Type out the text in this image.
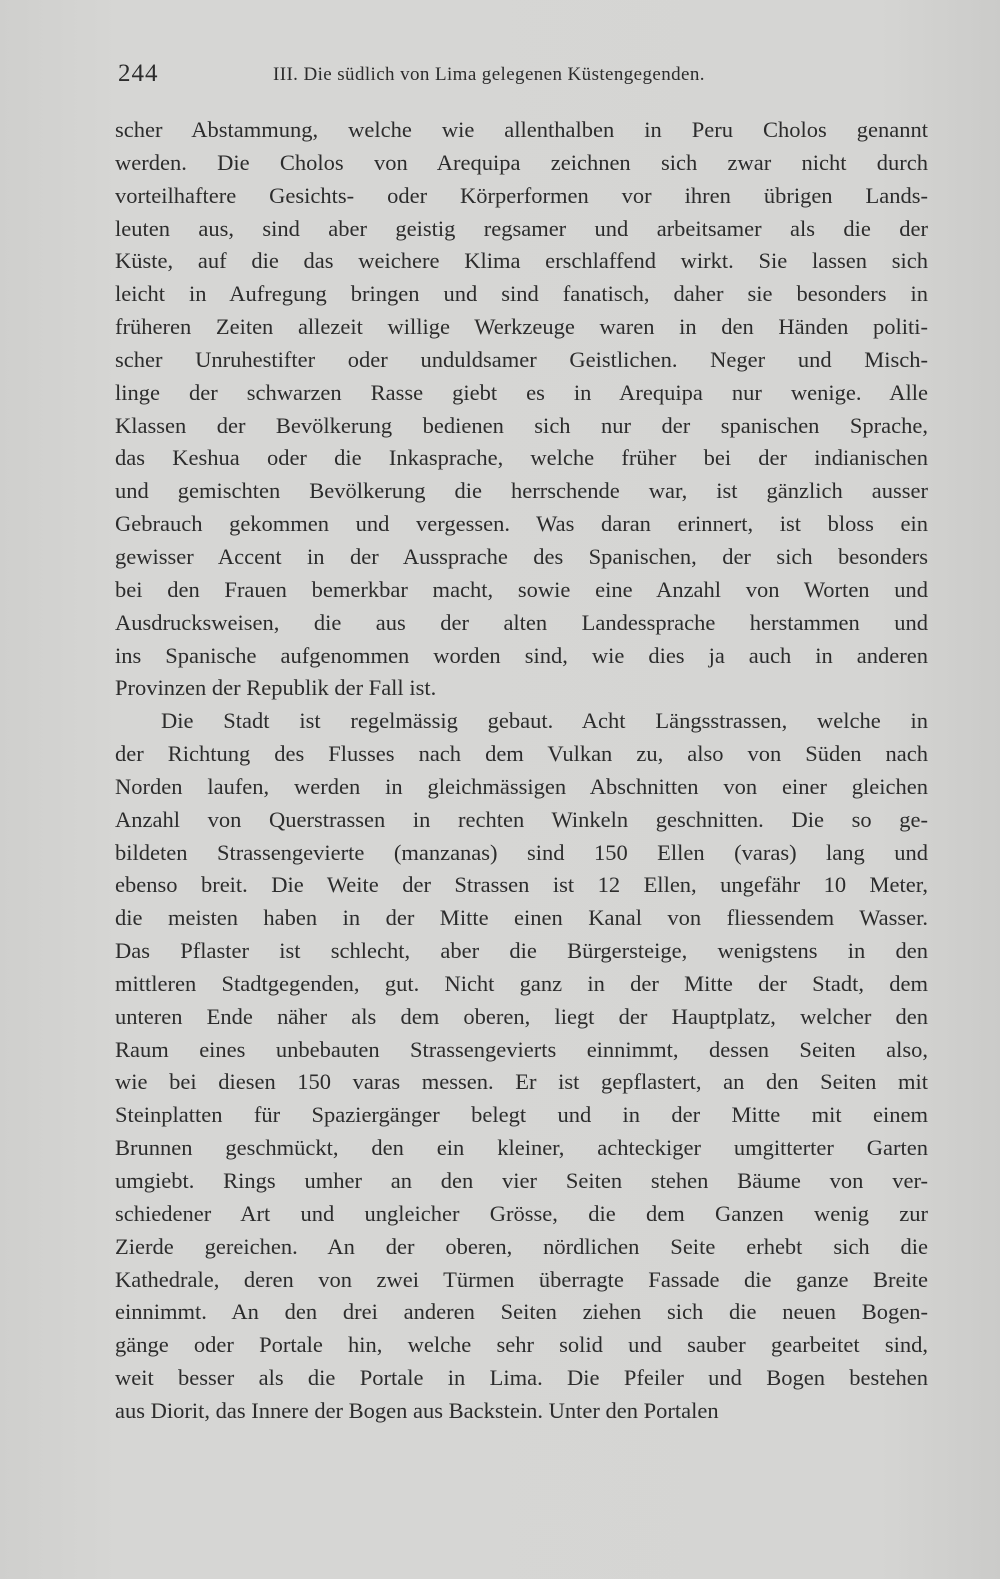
244	III. Die südlich von Lima gelegenen Küstengegenden.
scher Abstammung, welche wie allenthalben in Peru Cholos genannt
werden. Die Cholos von Arequipa zeichnen sich zwar nicht durch
vorteilhaftere Gesichts- oder Körperformen vor ihren übrigen Lands-
leuten aus, sind aber geistig regsamer und arbeitsamer als die der
Küste, auf die das weichere Klima erschlaffend wirkt. Sie lassen sich
leicht in Aufregung bringen und sind fanatisch, daher sie besonders in
früheren Zeiten allezeit willige Werkzeuge waren in den Händen politi-
scher Unruhestifter oder unduldsamer Geistlichen. Neger und Misch-
linge der schwarzen Rasse giebt es in Arequipa nur wenige. Alle
Klassen der Bevölkerung bedienen sich nur der spanischen Sprache,
das Keshua oder die Inkasprache, welche früher bei der indianischen
und gemischten Bevölkerung die herrschende war, ist gänzlich ausser
Gebrauch gekommen und vergessen. Was daran erinnert, ist bloss ein
gewisser Accent in der Aussprache des Spanischen, der sich besonders
bei den Frauen bemerkbar macht, sowie eine Anzahl von Worten und
Ausdrucksweisen, die aus der alten Landessprache herstammen und
ins Spanische aufgenommen worden sind, wie dies ja auch in anderen
Provinzen der Republik der Fall ist.
Die Stadt ist regelmässig gebaut. Acht Längsstrassen, welche in
der Richtung des Flusses nach dem Vulkan zu, also von Süden nach
Norden laufen, werden in gleichmässigen Abschnitten von einer gleichen
Anzahl von Querstrassen in rechten Winkeln geschnitten. Die so ge-
bildeten Strassengevierte (manzanas) sind 150 Ellen (varas) lang und
ebenso breit. Die Weite der Strassen ist 12 Ellen, ungefähr 10 Meter,
die meisten haben in der Mitte einen Kanal von fliessendem Wasser.
Das Pflaster ist schlecht, aber die Bürgersteige, wenigstens in den
mittleren Stadtgegenden, gut. Nicht ganz in der Mitte der Stadt, dem
unteren Ende näher als dem oberen, liegt der Hauptplatz, welcher den
Raum eines unbebauten Strassengevierts einnimmt, dessen Seiten also,
wie bei diesen 150 varas messen. Er ist gepflastert, an den Seiten mit
Steinplatten für Spaziergänger belegt und in der Mitte mit einem
Brunnen geschmückt, den ein kleiner, achteckiger umgitterter Garten
umgiebt. Rings umher an den vier Seiten stehen Bäume von ver-
schiedener Art und ungleicher Grösse, die dem Ganzen wenig zur
Zierde gereichen. An der oberen, nördlichen Seite erhebt sich die
Kathedrale, deren von zwei Türmen überragte Fassade die ganze Breite
einnimmt. An den drei anderen Seiten ziehen sich die neuen Bogen-
gänge oder Portale hin, welche sehr solid und sauber gearbeitet sind,
weit besser als die Portale in Lima. Die Pfeiler und Bogen bestehen
aus Diorit, das Innere der Bogen aus Backstein. Unter den Portalen
